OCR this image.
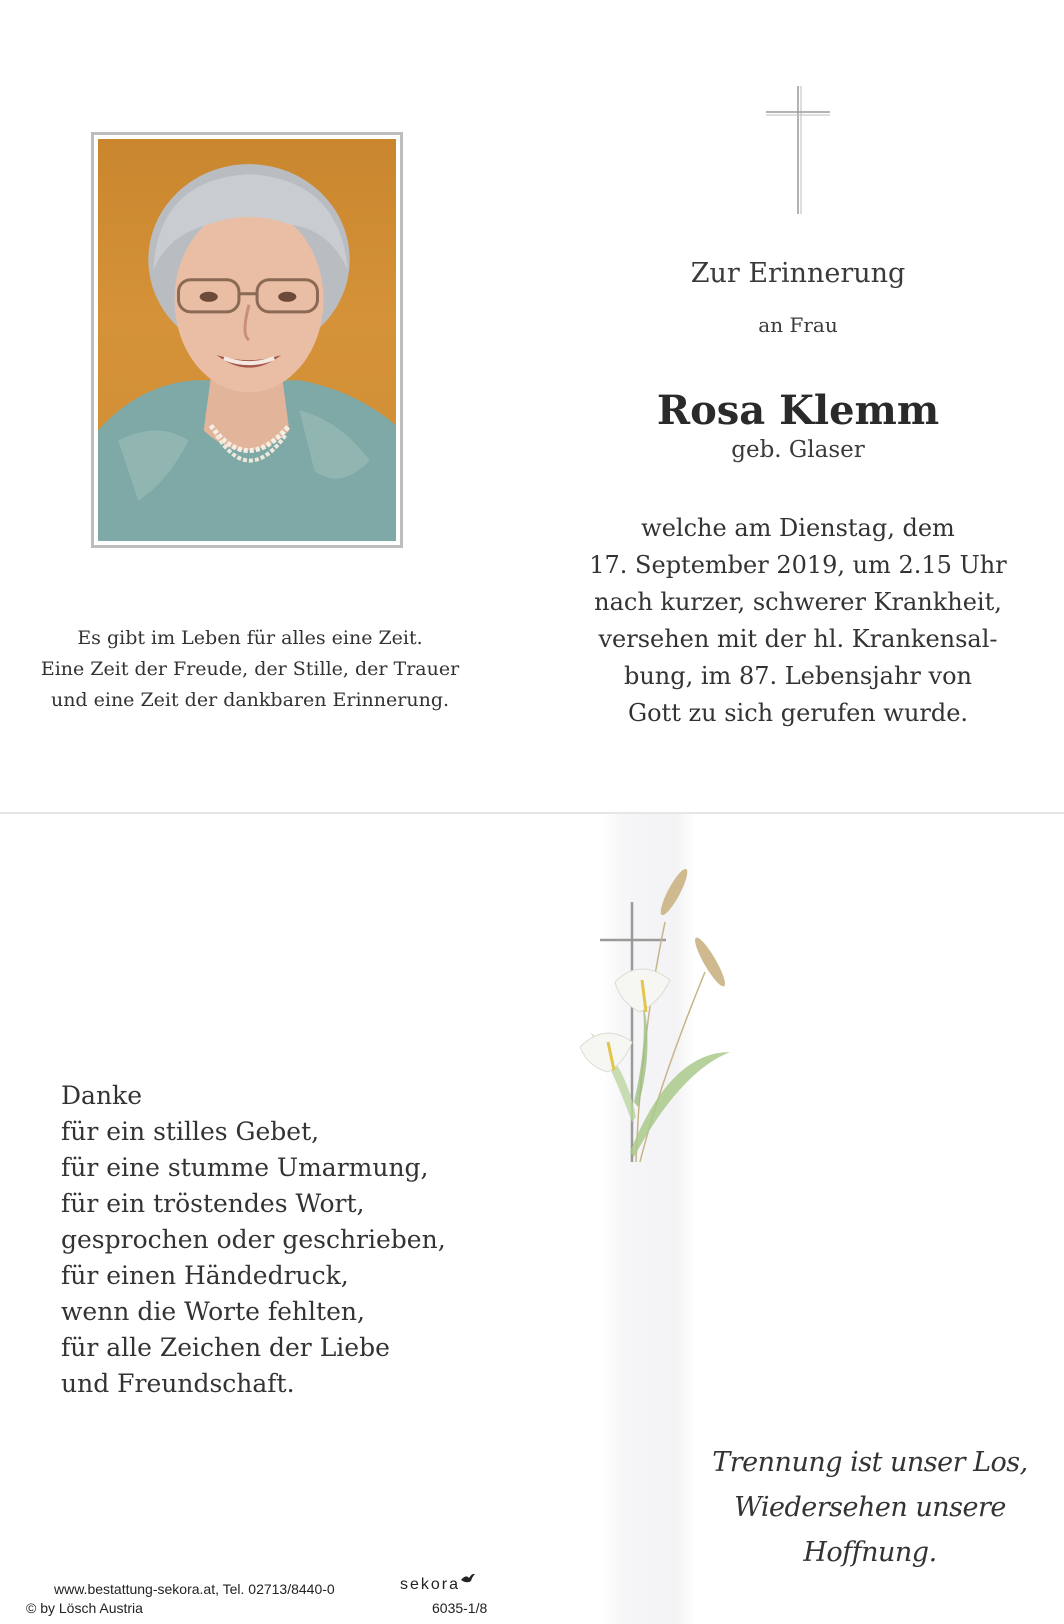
Es gibt im Leben für alles eine Zeit.
Eine Zeit der Freude, der Stille, der Trauer
und eine Zeit der dankbaren Erinnerung.
Zur Erinnerung
an Frau
Rosa Klemm
geb. Glaser
welche am Dienstag, dem
17. September 2019, um 2.15 Uhr
nach kurzer, schwerer Krankheit,
versehen mit der hl. Krankensal-
bung, im 87. Lebensjahr von
Gott zu sich gerufen wurde.
Danke
für ein stilles Gebet,
für eine stumme Umarmung,
für ein tröstendes Wort,
gesprochen oder geschrieben,
für einen Händedruck,
wenn die Worte fehlten,
für alle Zeichen der Liebe
und Freundschaft.
Trennung ist unser Los,
Wiedersehen unsere Hoffnung.
www.bestattung-sekora.at, Tel. 02713/8440-0	sekora
© by Lösch Austria	6035-1/8
